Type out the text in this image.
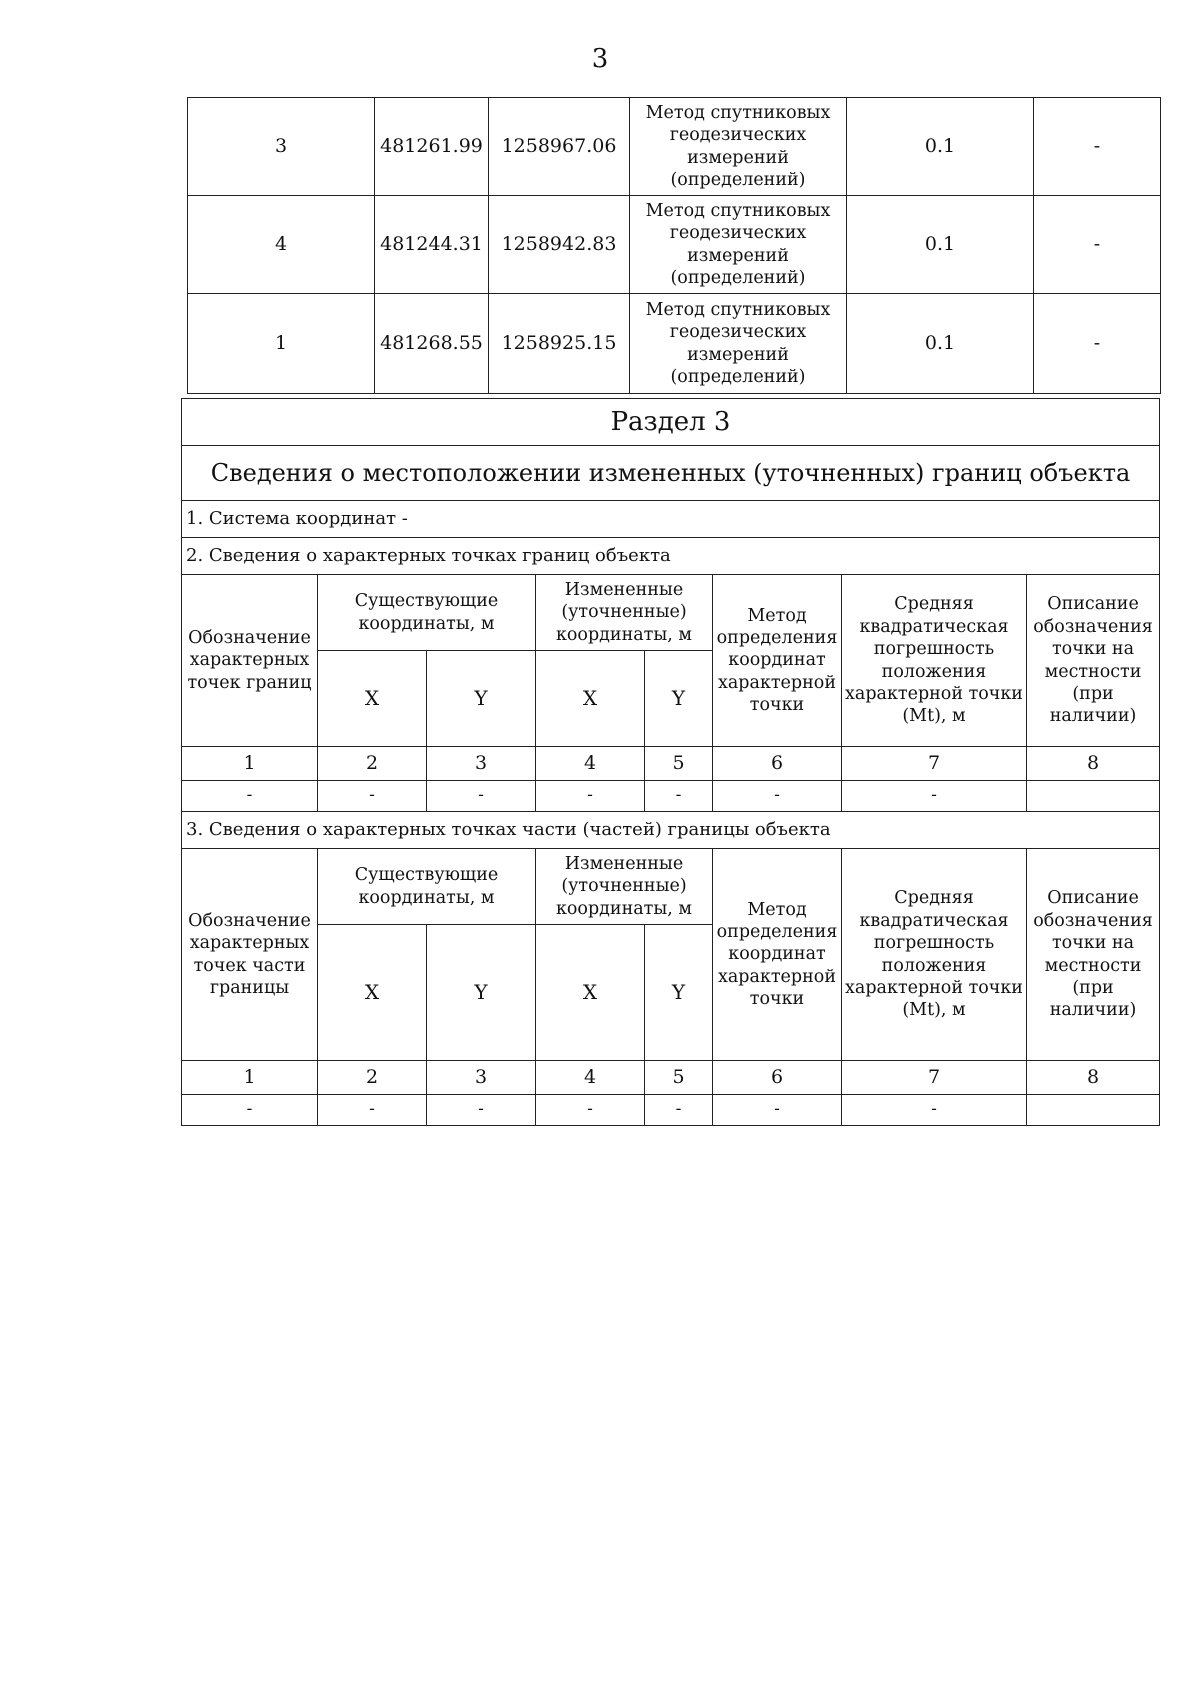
3
3	481261.99	1258967.06	Метод спутниковых геодезических измерений (определений)	0.1	-
4	481244.31	1258942.83	Метод спутниковых геодезических измерений (определений)	0.1	-
1	481268.55	1258925.15	Метод спутниковых геодезических измерений (определений)	0.1	-
Раздел 3							
Сведения о местоположении измененных (уточненных) границ объекта							
1. Система координат -							
2. Сведения о характерных точках границ объекта							
Обозначение характерных точек границ	Существующие координаты, м		Измененные (уточненные) координаты, м		Метод определения координат характерной точки	Средняя квадратическая погрешность положения характерной точки (Mt), м	Описание обозначения точки на местности (при наличии)
	X	Y	X	Y			
1	2	3	4	5	6	7	8
-	-	-	-	-	-	-	
3. Сведения о характерных точках части (частей) границы объекта							
Обозначение характерных точек части границы	Существующие координаты, м		Измененные (уточненные) координаты, м		Метод определения координат характерной точки	Средняя квадратическая погрешность положения характерной точки (Mt), м	Описание обозначения точки на местности (при наличии)
	X	Y	X	Y			
1	2	3	4	5	6	7	8
-	-	-	-	-	-	-	
